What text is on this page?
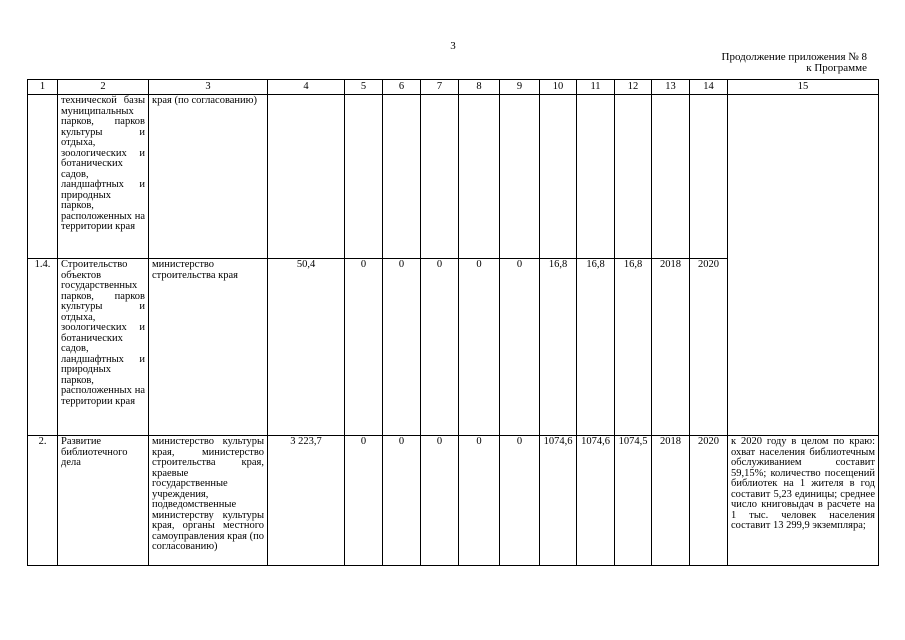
3
Продолжение приложения № 8
к Программе
1	2	3	4	5	6	7	8	9	10	11	12	13	14	15
	технической базы муниципальных парков, парков культуры и отдыха, зоологических и ботанических садов, ландшафтных и природных парков, расположенных на территории края	края (по согласованию)												
1.4.	Строительство объектов государственных парков, парков культуры и отдыха, зоологических и ботанических садов, ландшафтных и природных парков, расположенных на территории края	министерство строительства края	50,4	0	0	0	0	0	16,8	16,8	16,8	2018	2020	
2.	Развитие библиотечного дела	министерство культуры края, министерство строительства края, краевые государственные учреждения, подведомственные министерству культуры края, органы местного самоуправления края (по согласованию)	3 223,7	0	0	0	0	0	1074,6	1074,6	1074,5	2018	2020	к 2020 году в целом по краю: охват населения библиотечным обслуживанием составит 59,15%; количество посещений библиотек на 1 жителя в год составит 5,23 единицы; среднее число книговыдач в расчете на 1 тыс. человек населения составит 13 299,9 экземпляра;
